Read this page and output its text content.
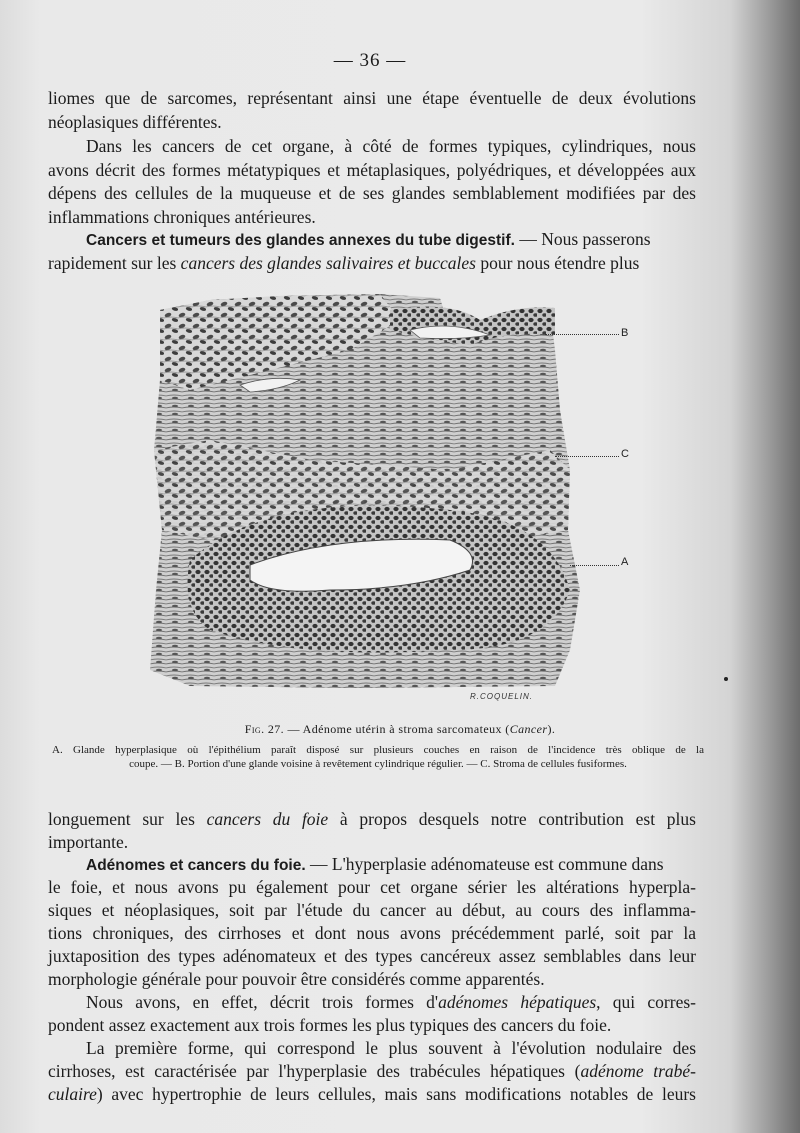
— 36 —
liomes que de sarcomes, représentant ainsi une étape éventuelle de deux évolutions
néoplasiques différentes.
Dans les cancers de cet organe, à côté de formes typiques, cylindriques, nous
avons décrit des formes métatypiques et métaplasiques, polyédriques, et développées aux
dépens des cellules de la muqueuse et de ses glandes semblablement modifiées par des
inflammations chroniques antérieures.
Cancers et tumeurs des glandes annexes du tube digestif. — Nous passerons
rapidement sur les cancers des glandes salivaires et buccales pour nous étendre plus
B
C
A
R.COQUELIN.
Fig. 27. — Adénome utérin à stroma sarcomateux (Cancer).
A. Glande hyperplasique où l'épithélium paraît disposé sur plusieurs couches en raison de l'incidence très oblique de la
coupe. — B. Portion d'une glande voisine à revêtement cylindrique régulier. — C. Stroma de cellules fusiformes.
longuement sur les cancers du foie à propos desquels notre contribution est plus
importante.
Adénomes et cancers du foie. — L'hyperplasie adénomateuse est commune dans
le foie, et nous avons pu également pour cet organe sérier les altérations hyperpla-
siques et néoplasiques, soit par l'étude du cancer au début, au cours des inflamma-
tions chroniques, des cirrhoses et dont nous avons précédemment parlé, soit par la
juxtaposition des types adénomateux et des types cancéreux assez semblables dans leur
morphologie générale pour pouvoir être considérés comme apparentés.
Nous avons, en effet, décrit trois formes d'adénomes hépatiques, qui corres-
pondent assez exactement aux trois formes les plus typiques des cancers du foie.
La première forme, qui correspond le plus souvent à l'évolution nodulaire des
cirrhoses, est caractérisée par l'hyperplasie des trabécules hépatiques (adénome trabé-
culaire) avec hypertrophie de leurs cellules, mais sans modifications notables de leurs
